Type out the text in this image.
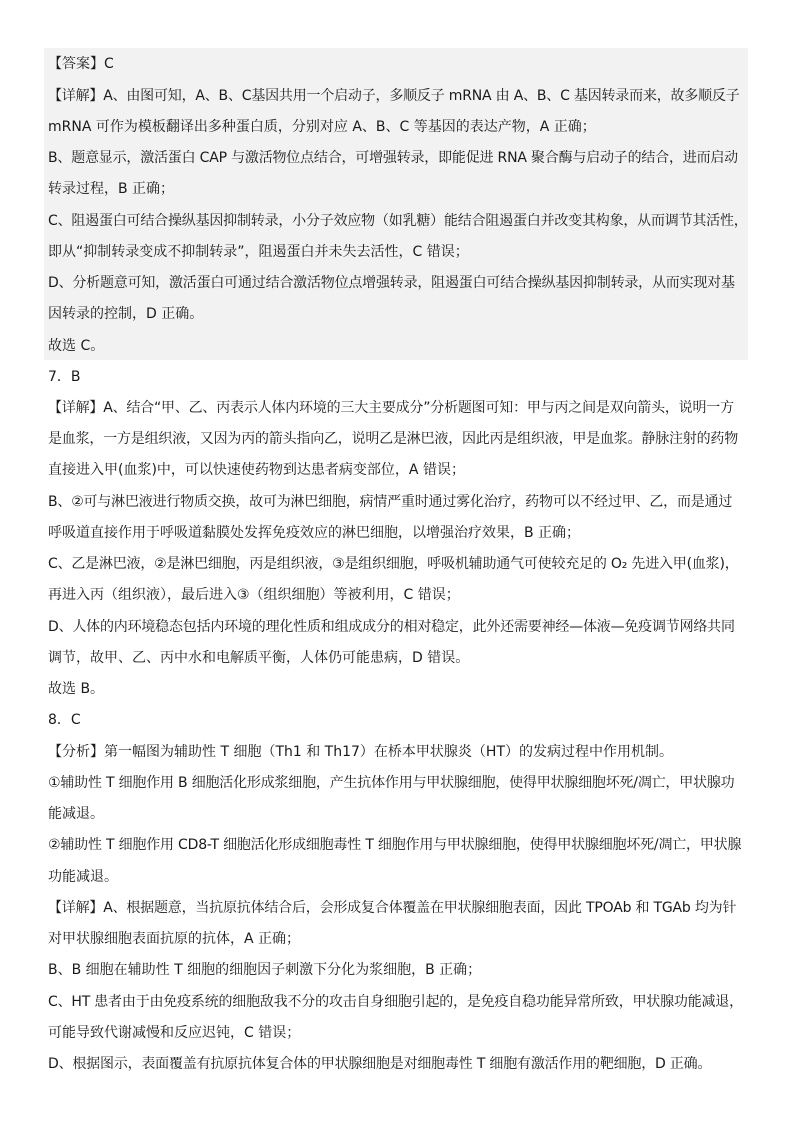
【答案】C
【详解】A、由图可知，A、B、C基因共用一个启动子，多顺反子 mRNA 由 A、B、C 基因转录而来，故多顺反子
mRNA 可作为模板翻译出多种蛋白质，分别对应 A、B、C 等基因的表达产物，A 正确；
B、题意显示，激活蛋白 CAP 与激活物位点结合，可增强转录，即能促进 RNA 聚合酶与启动子的结合，进而启动
转录过程，B 正确；
C、阻遏蛋白可结合操纵基因抑制转录，小分子效应物（如乳糖）能结合阻遏蛋白并改变其构象，从而调节其活性，
即从“抑制转录变成不抑制转录”，阻遏蛋白并未失去活性，C 错误；
D、分析题意可知，激活蛋白可通过结合激活物位点增强转录，阻遏蛋白可结合操纵基因抑制转录，从而实现对基
因转录的控制，D 正确。
故选 C。
7．B
【详解】A、结合“甲、乙、丙表示人体内环境的三大主要成分”分析题图可知：甲与丙之间是双向箭头，说明一方
是血浆，一方是组织液，又因为丙的箭头指向乙，说明乙是淋巴液，因此丙是组织液，甲是血浆。静脉注射的药物
直接进入甲(血浆)中，可以快速使药物到达患者病变部位，A 错误；
B、②可与淋巴液进行物质交换，故可为淋巴细胞，病情严重时通过雾化治疗，药物可以不经过甲、乙，而是通过
呼吸道直接作用于呼吸道黏膜处发挥免疫效应的淋巴细胞，以增强治疗效果，B 正确；
C、乙是淋巴液，②是淋巴细胞，丙是组织液，③是组织细胞，呼吸机辅助通气可使较充足的 O₂ 先进入甲(血浆)，
再进入丙（组织液），最后进入③（组织细胞）等被利用，C 错误；
D、人体的内环境稳态包括内环境的理化性质和组成成分的相对稳定，此外还需要神经—体液—免疫调节网络共同
调节，故甲、乙、丙中水和电解质平衡，人体仍可能患病，D 错误。
故选 B。
8．C
【分析】第一幅图为辅助性 T 细胞（Th1 和 Th17）在桥本甲状腺炎（HT）的发病过程中作用机制。
①辅助性 T 细胞作用 B 细胞活化形成浆细胞，产生抗体作用与甲状腺细胞，使得甲状腺细胞坏死/凋亡，甲状腺功
能减退。
②辅助性 T 细胞作用 CD8-T 细胞活化形成细胞毒性 T 细胞作用与甲状腺细胞，使得甲状腺细胞坏死/凋亡，甲状腺
功能减退。
【详解】A、根据题意，当抗原抗体结合后，会形成复合体覆盖在甲状腺细胞表面，因此 TPOAb 和 TGAb 均为针
对甲状腺细胞表面抗原的抗体，A 正确；
B、B 细胞在辅助性 T 细胞的细胞因子刺激下分化为浆细胞，B 正确；
C、HT 患者由于由免疫系统的细胞敌我不分的攻击自身细胞引起的，是免疫自稳功能异常所致，甲状腺功能减退，
可能导致代谢减慢和反应迟钝，C 错误；
D、根据图示，表面覆盖有抗原抗体复合体的甲状腺细胞是对细胞毒性 T 细胞有激活作用的靶细胞，D 正确。
